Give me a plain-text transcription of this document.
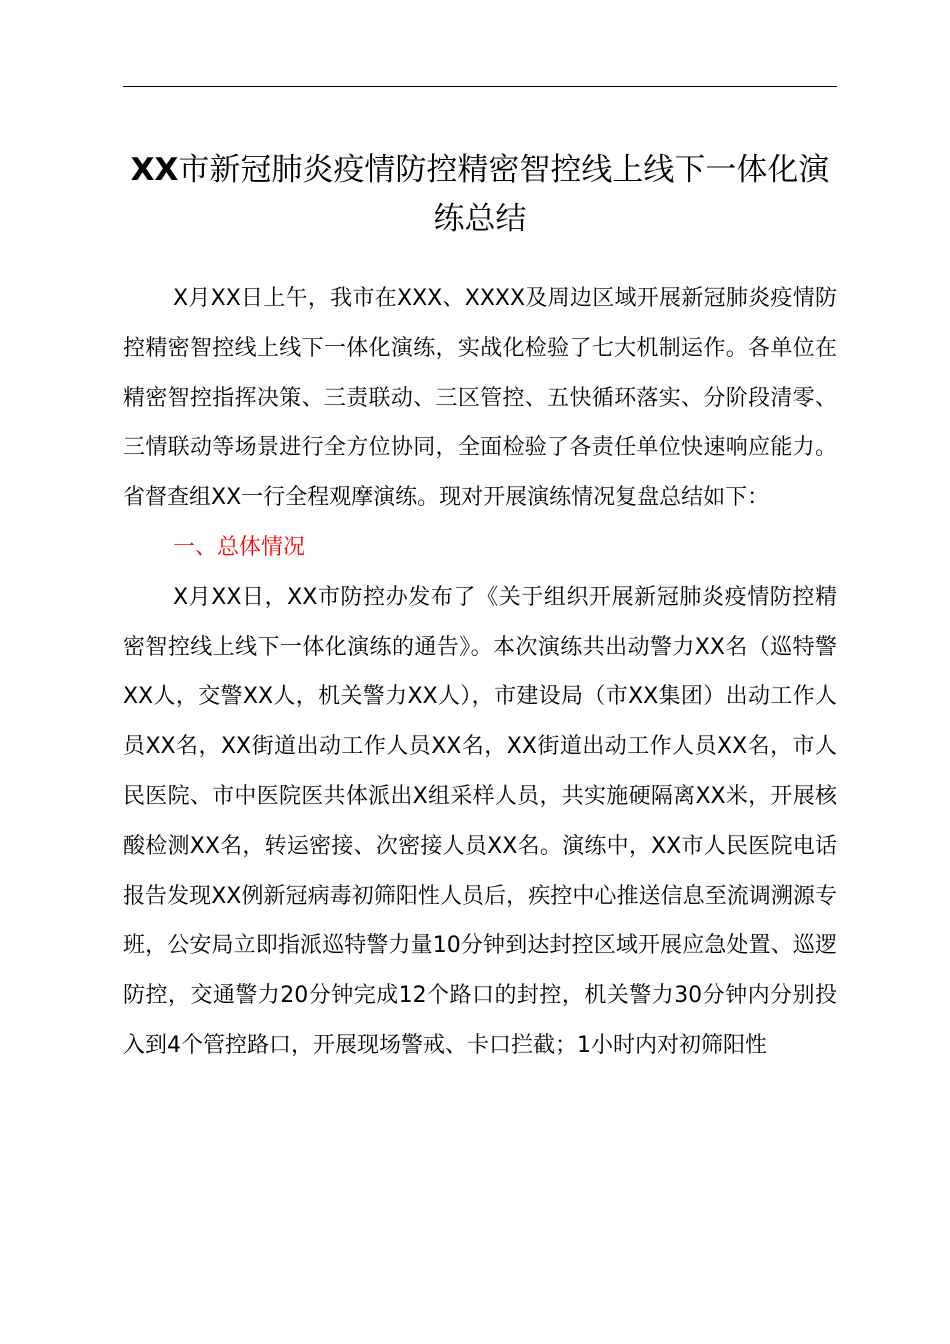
XX市新冠肺炎疫情防控精密智控线上线下一体化演练总结

X月XX日上午，我市在XXX、XXXX及周边区域开展新冠肺炎疫情防控精密智控线上线下一体化演练，实战化检验了七大机制运作。各单位在精密智控指挥决策、三责联动、三区管控、五快循环落实、分阶段清零、三情联动等场景进行全方位协同，全面检验了各责任单位快速响应能力。省督查组XX一行全程观摩演练。现对开展演练情况复盘总结如下：

一、总体情况

X月XX日，XX市防控办发布了《关于组织开展新冠肺炎疫情防控精密智控线上线下一体化演练的通告》。本次演练共出动警力XX名（巡特警XX人，交警XX人，机关警力XX人），市建设局（市XX集团）出动工作人员XX名，XX街道出动工作人员XX名，XX街道出动工作人员XX名，市人民医院、市中医院医共体派出X组采样人员，共实施硬隔离XX米，开展核酸检测XX名，转运密接、次密接人员XX名。演练中，XX市人民医院电话报告发现XX例新冠病毒初筛阳性人员后，疾控中心推送信息至流调溯源专班，公安局立即指派巡特警力量10分钟到达封控区域开展应急处置、巡逻防控，交通警力20分钟完成12个路口的封控，机关警力30分钟内分别投入到4个管控路口，开展现场警戒、卡口拦截；1小时内对初筛阳性
